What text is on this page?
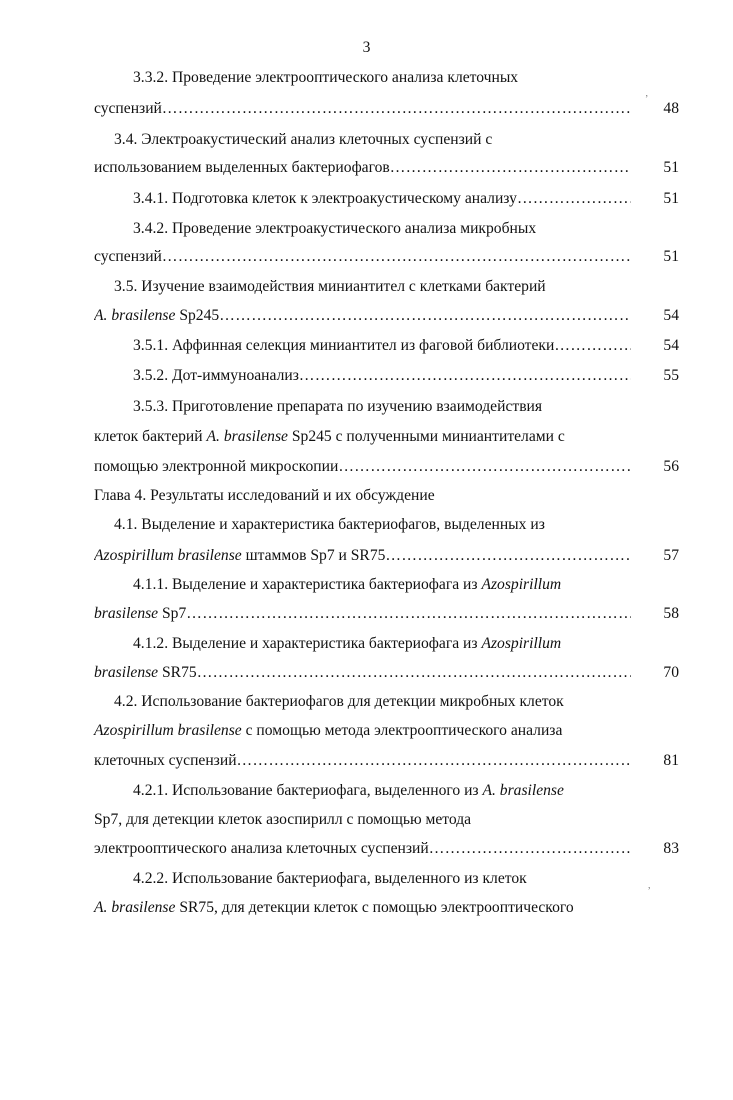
3
3.3.2. Проведение электрооптического анализа клеточных
суспензий ………………………………………………………………………………………………………………………………………………………………………………	48
3.4. Электроакустический анализ клеточных суспензий с
использованием выделенных бактериофагов ………………………………………………………………………………………………………………………………………………………………………………	51
3.4.1. Подготовка клеток к электроакустическому анализу ………………………………………………………………………………………………………………………………………………………………………………	51
3.4.2. Проведение электроакустического анализа микробных
суспензий ………………………………………………………………………………………………………………………………………………………………………………	51
3.5. Изучение взаимодействия миниантител с клетками бактерий
A. brasilense Sp245 ………………………………………………………………………………………………………………………………………………………………………………	54
3.5.1. Аффинная селекция миниантител из фаговой библиотеки ………………………………………………………………………………………………………………………………………………………………………………	54
3.5.2. Дот-иммуноанализ ………………………………………………………………………………………………………………………………………………………………………………	55
3.5.3. Приготовление препарата по изучению взаимодействия
клеток бактерий A. brasilense Sp245 с полученными миниантителами с
помощью электронной микроскопии ………………………………………………………………………………………………………………………………………………………………………………	56
Глава 4. Результаты исследований и их обсуждение
4.1. Выделение и характеристика бактериофагов, выделенных из
Azospirillum brasilense штаммов Sp7 и SR75 ………………………………………………………………………………………………………………………………………………………………………………	57
4.1.1. Выделение и характеристика бактериофага из Azospirillum
brasilense Sp7 ………………………………………………………………………………………………………………………………………………………………………………	58
4.1.2. Выделение и характеристика бактериофага из Azospirillum
brasilense SR75 ………………………………………………………………………………………………………………………………………………………………………………	70
4.2. Использование бактериофагов для детекции микробных клеток
Azospirillum brasilense с помощью метода электрооптического анализа
клеточных суспензий ………………………………………………………………………………………………………………………………………………………………………………	81
4.2.1. Использование бактериофага, выделенного из A. brasilense
Sp7, для детекции клеток азоспирилл с помощью метода
электрооптического анализа клеточных суспензий ………………………………………………………………………………………………………………………………………………………………………………	83
4.2.2. Использование бактериофага, выделенного из клеток
A. brasilense SR75, для детекции клеток с помощью электрооптического
’
,
